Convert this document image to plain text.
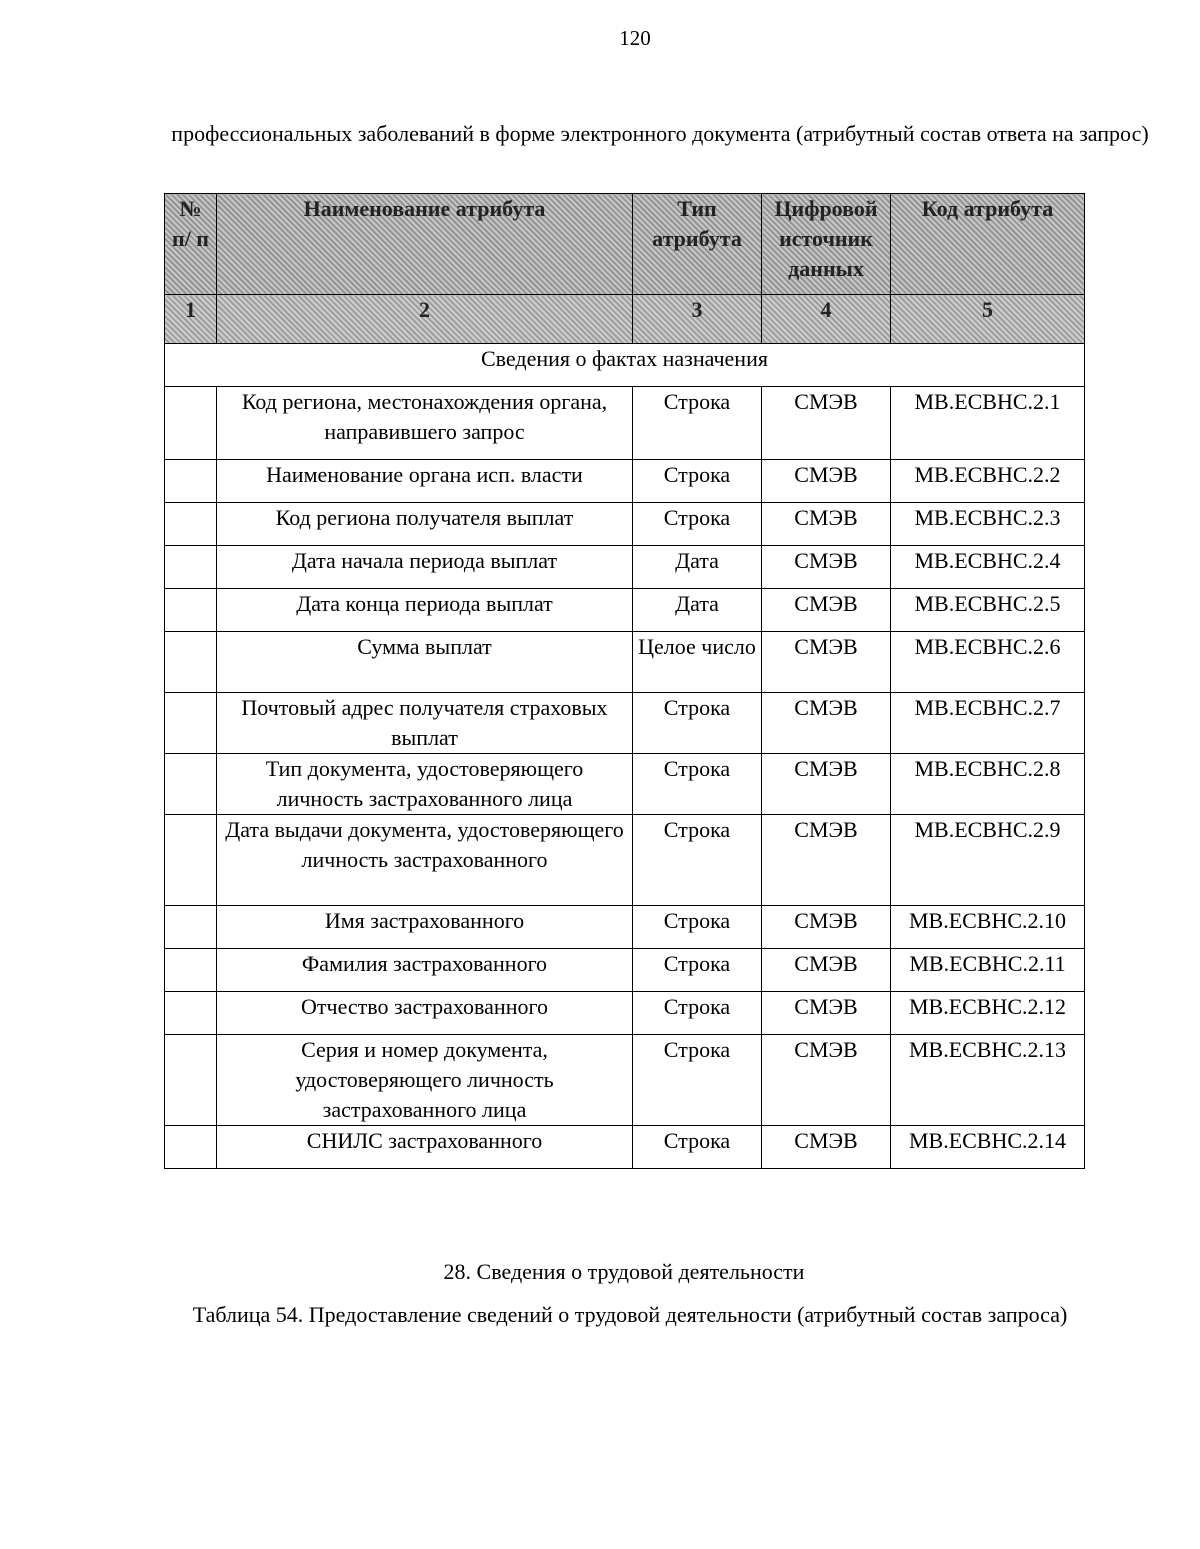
120
профессиональных заболеваний в форме электронного документа (атрибутный состав ответа на запрос)
№ п/ п	Наименование атрибута	Тип атрибута	Цифровой источник данных	Код атрибута
1	2	3	4	5
Сведения о фактах назначения				
	Код региона, местонахождения органа, направившего запрос	Строка	СМЭВ	MB.ЕСВНС.2.1
	Наименование органа исп. власти	Строка	СМЭВ	MB.ЕСВНС.2.2
	Код региона получателя выплат	Строка	СМЭВ	MB.ЕСВНС.2.3
	Дата начала периода выплат	Дата	СМЭВ	MB.ЕСВНС.2.4
	Дата конца периода выплат	Дата	СМЭВ	MB.ЕСВНС.2.5
	Сумма выплат	Целое число	СМЭВ	MB.ЕСВНС.2.6
	Почтовый адрес получателя страховых выплат	Строка	СМЭВ	MB.ЕСВНС.2.7
	Тип документа, удостоверяющего личность застрахованного лица	Строка	СМЭВ	MB.ЕСВНС.2.8
	Дата выдачи документа, удостоверяющего личность застрахованного	Строка	СМЭВ	MB.ЕСВНС.2.9
	Имя застрахованного	Строка	СМЭВ	MB.ЕСВНС.2.10
	Фамилия застрахованного	Строка	СМЭВ	MB.ЕСВНС.2.11
	Отчество застрахованного	Строка	СМЭВ	MB.ЕСВНС.2.12
	Серия и номер документа, удостоверяющего личность застрахованного лица	Строка	СМЭВ	MB.ЕСВНС.2.13
	СНИЛС застрахованного	Строка	СМЭВ	MB.ЕСВНС.2.14
28. Сведения о трудовой деятельности
Таблица 54. Предоставление сведений о трудовой деятельности (атрибутный состав запроса)
